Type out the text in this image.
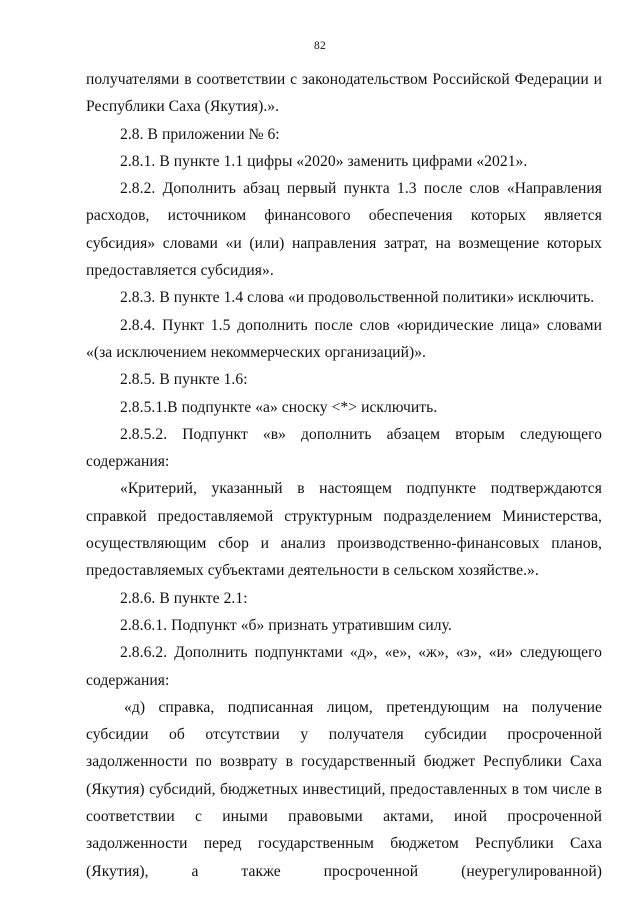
82

получателями в соответствии с законодательством Российской Федерации и Республики Саха (Якутия).».

2.8. В приложении № 6:

2.8.1. В пункте 1.1 цифры «2020» заменить цифрами «2021».

2.8.2. Дополнить абзац первый пункта 1.3 после слов «Направления расходов, источником финансового обеспечения которых является субсидия» словами «и (или) направления затрат, на возмещение которых предоставляется субсидия».

2.8.3. В пункте 1.4 слова «и продовольственной политики» исключить.

2.8.4. Пункт 1.5 дополнить после слов «юридические лица» словами «(за исключением некоммерческих организаций)».

2.8.5. В пункте 1.6:

2.8.5.1.В подпункте «а» сноску <*> исключить.

2.8.5.2. Подпункт «в» дополнить абзацем вторым следующего содержания:

«Критерий, указанный в настоящем подпункте подтверждаются справкой предоставляемой структурным подразделением Министерства, осуществляющим сбор и анализ производственно-финансовых планов, предоставляемых субъектами деятельности в сельском хозяйстве.».

2.8.6. В пункте 2.1:

2.8.6.1. Подпункт «б» признать утратившим силу.

2.8.6.2. Дополнить подпунктами «д», «е», «ж», «з», «и» следующего содержания:

«д) справка, подписанная лицом, претендующим на получение субсидии об отсутствии у получателя субсидии просроченной задолженности по возврату в государственный бюджет Республики Саха (Якутия) субсидий, бюджетных инвестиций, предоставленных в том числе в соответствии с иными правовыми актами, иной просроченной задолженности перед государственным бюджетом Республики Саха (Якутия), а также просроченной (неурегулированной)
